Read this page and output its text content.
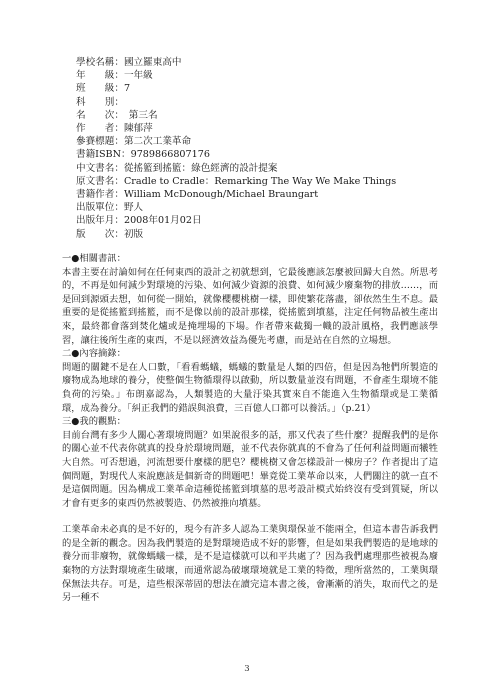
學校名稱：國立羅東高中
年　　級：一年級
班　　級：7
科　　別：
名　　次：　第三名
作　　者：陳郁萍
參賽標題：第二次工業革命
書籍ISBN：9789866807176
中文書名：從搖籃到搖籃：綠色經濟的設計提案
原文書名：Cradle to Cradle：Remarking The Way We Make Things
書籍作者：William McDonough/Michael Braungart
出版單位：野人
出版年月：2008年01月02日
版　　次：初版
一●相關書訊：
本書主要在討論如何在任何東西的設計之初就想到，它最後應該怎麼被回歸大自然。所思考的，不再是如何減少對環境的污染、如何減少資源的浪費、如何減少廢棄物的排放……，而是回到源頭去想，如何從一開始，就像櫻櫻桃樹一樣，即使繁花落盡，卻依然生生不息。最重要的是從搖籃到搖籃，而不是像以前的設計那樣，從搖籃到墳墓，注定任何物品被生產出來，最終都會落到焚化爐或是掩埋場的下場。作者帶來截獨一幟的設計風格，我們應該學習，讓往後所生產的東西，不是以經濟效益為優先考慮，而是站在自然的立場想。
二●內容摘錄：
問題的關鍵不是在人口數，「看看螞蟻，螞蟻的數量是人類的四倍，但是因為牠們所製造的廢物成為地球的養分，使整個生物循環得以啟動，所以數量並沒有問題，不會產生環境不能負荷的污染。」布朗嘉認為，人類製造的大量汙染其實來自不能進入生物循環或是工業循環，成為養分。「糾正我們的錯誤與浪費，三百億人口都可以養活。」（p.21）
三●我的觀點：
目前台灣有多少人關心著環境問題？如果說很多的話，那又代表了些什麼？提醒我們的是你的關心並不代表你就真的投身於環境問題，並不代表你就真的不會為了任何利益問題而犧牲大自然。可否想過，河流想要什麼樣的肥皂？櫻桃樹又會怎樣設計一棟房子？作者提出了這個問題，對現代人來說應該是個新奇的問題吧！畢竟從工業革命以來，人們關注的就一直不是這個問題。因為構成工業革命這種從搖籃到墳墓的思考設計模式始終沒有受到質疑，所以才會有更多的東西仍然被製造、仍然被推向墳墓。
工業革命未必真的是不好的，現今有許多人認為工業與環保並不能兩全，但這本書告訴我們的是全新的觀念。因為我們製造的是對環境造成不好的影響，但是如果我們製造的是地球的養分而非廢物，就像螞蟻一樣，是不是這樣就可以和平共處了？因為我們處理那些被視為廢棄物的方法對環境產生破壞，而通常認為破壞環境就是工業的特徵，理所當然的，工業與環保無法共存。可是，這些根深蒂固的想法在讀完這本書之後，會漸漸的消失，取而代之的是另一種不
3
